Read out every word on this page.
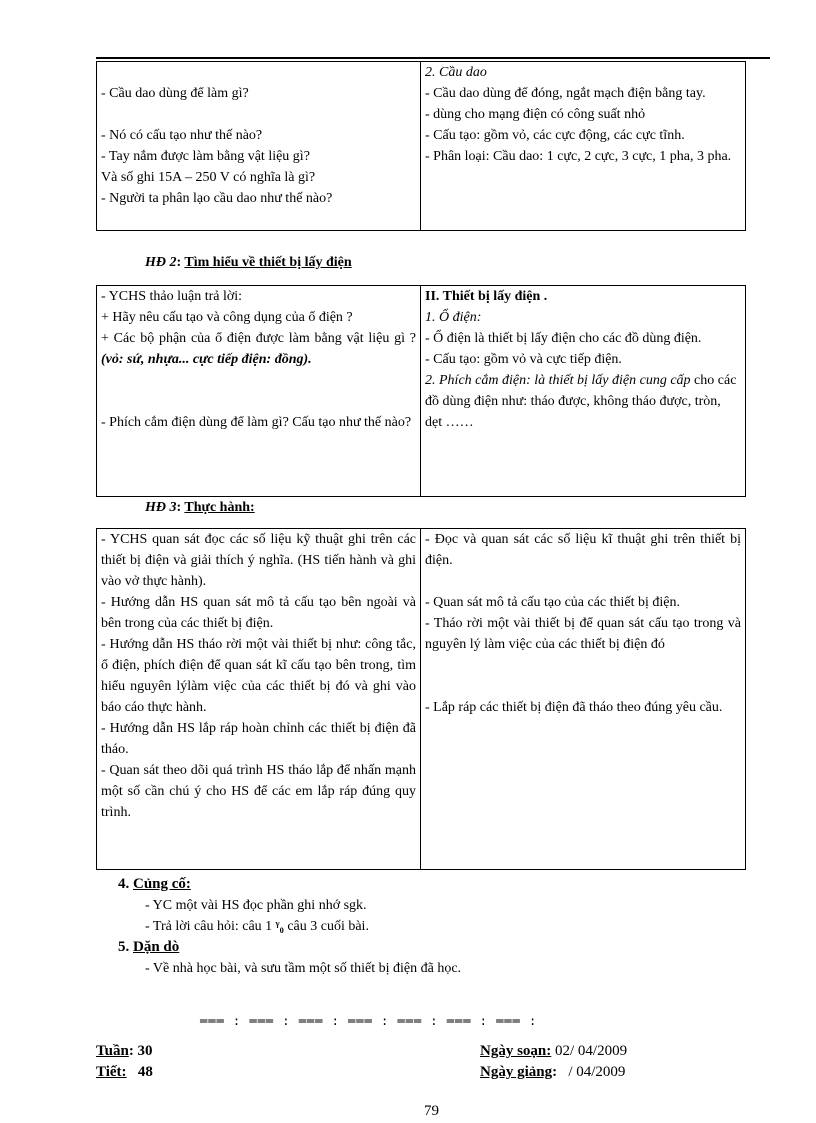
- Cầu dao dùng để làm gì?
- Nó có cấu tạo như thế nào?
- Tay nắm được làm bằng vật liệu gì?
Và số ghi 15A – 250 V có nghĩa là gì?
- Người ta phân lạo cầu dao như thế nào?

2. Cầu dao
- Cầu dao dùng để đóng, ngắt mạch điện bằng tay.
- dùng cho mạng điện có công suất nhỏ
- Cấu tạo: gồm vỏ, các cực động, các cực tĩnh.
- Phân loại: Cầu dao: 1 cực, 2 cực, 3 cực, 1 pha, 3 pha.
HĐ 2: Tìm hiểu về thiết bị lấy điện
- YCHS thảo luận trả lời:
+ Hãy nêu cấu tạo và công dụng của ổ điện ?
+ Các bộ phận của ổ điện được làm bằng vật liệu gì ? (vỏ: sứ, nhựa... cực tiếp điện: đồng).
- Phích cắm điện dùng để làm gì? Cấu tạo như thế nào?

II. Thiết bị lấy điện .
1. Ổ điện:
- Ổ điện là thiết bị lấy điện cho các đồ dùng điện.
- Cấu tạo: gồm vỏ và cực tiếp điện.
2. Phích cắm điện: là thiết bị lấy điện cung cấp cho các đồ dùng điện như: tháo được, không tháo được, tròn, dẹt ……
HĐ 3: Thực hành:
- YCHS quan sát đọc các số liệu kỹ thuật ghi trên các thiết bị điện và giải thích ý nghĩa. (HS tiến hành và ghi vào vở thực hành).
- Hướng dẫn HS quan sát mô tả cấu tạo bên ngoài và bên trong của các thiết bị điện.
- Hướng dẫn HS tháo rời một vài thiết bị như: công tắc, ổ điện, phích điện để quan sát kĩ cấu tạo bên trong, tìm hiểu nguyên lýlàm việc của các thiết bị đó và ghi vào báo cáo thực hành.
- Hướng dẫn HS lắp ráp hoàn chỉnh các thiết bị điện đã tháo.
- Quan sát theo dõi quá trình HS tháo lắp để nhấn mạnh một số cần chú ý cho HS để các em lắp ráp đúng quy trình.

- Đọc và quan sát các số liệu kĩ thuật ghi trên thiết bị điện.
- Quan sát mô tả cấu tạo của các thiết bị điện.
- Tháo rời một vài thiết bị để quan sát cấu tạo trong và nguyên lý làm việc của các thiết bị điện đó
- Lắp ráp các thiết bị điện đã tháo theo đúng yêu cầu.
4. Củng cố:
- YC một vài HS đọc phần ghi nhớ sgk.
- Trả lời câu hỏi: câu 1 ᵞ₀ câu 3 cuối bài.
5. Dặn dò
- Về nhà học bài, và sưu tầm một số thiết bị điện đã học.
═══ : ═══ : ═══ : ═══ : ═══ : ═══ : ═══ :
Tuần: 30
Tiết: 48
Ngày soạn: 02/ 04/2009
Ngày giảng: / 04/2009
79
